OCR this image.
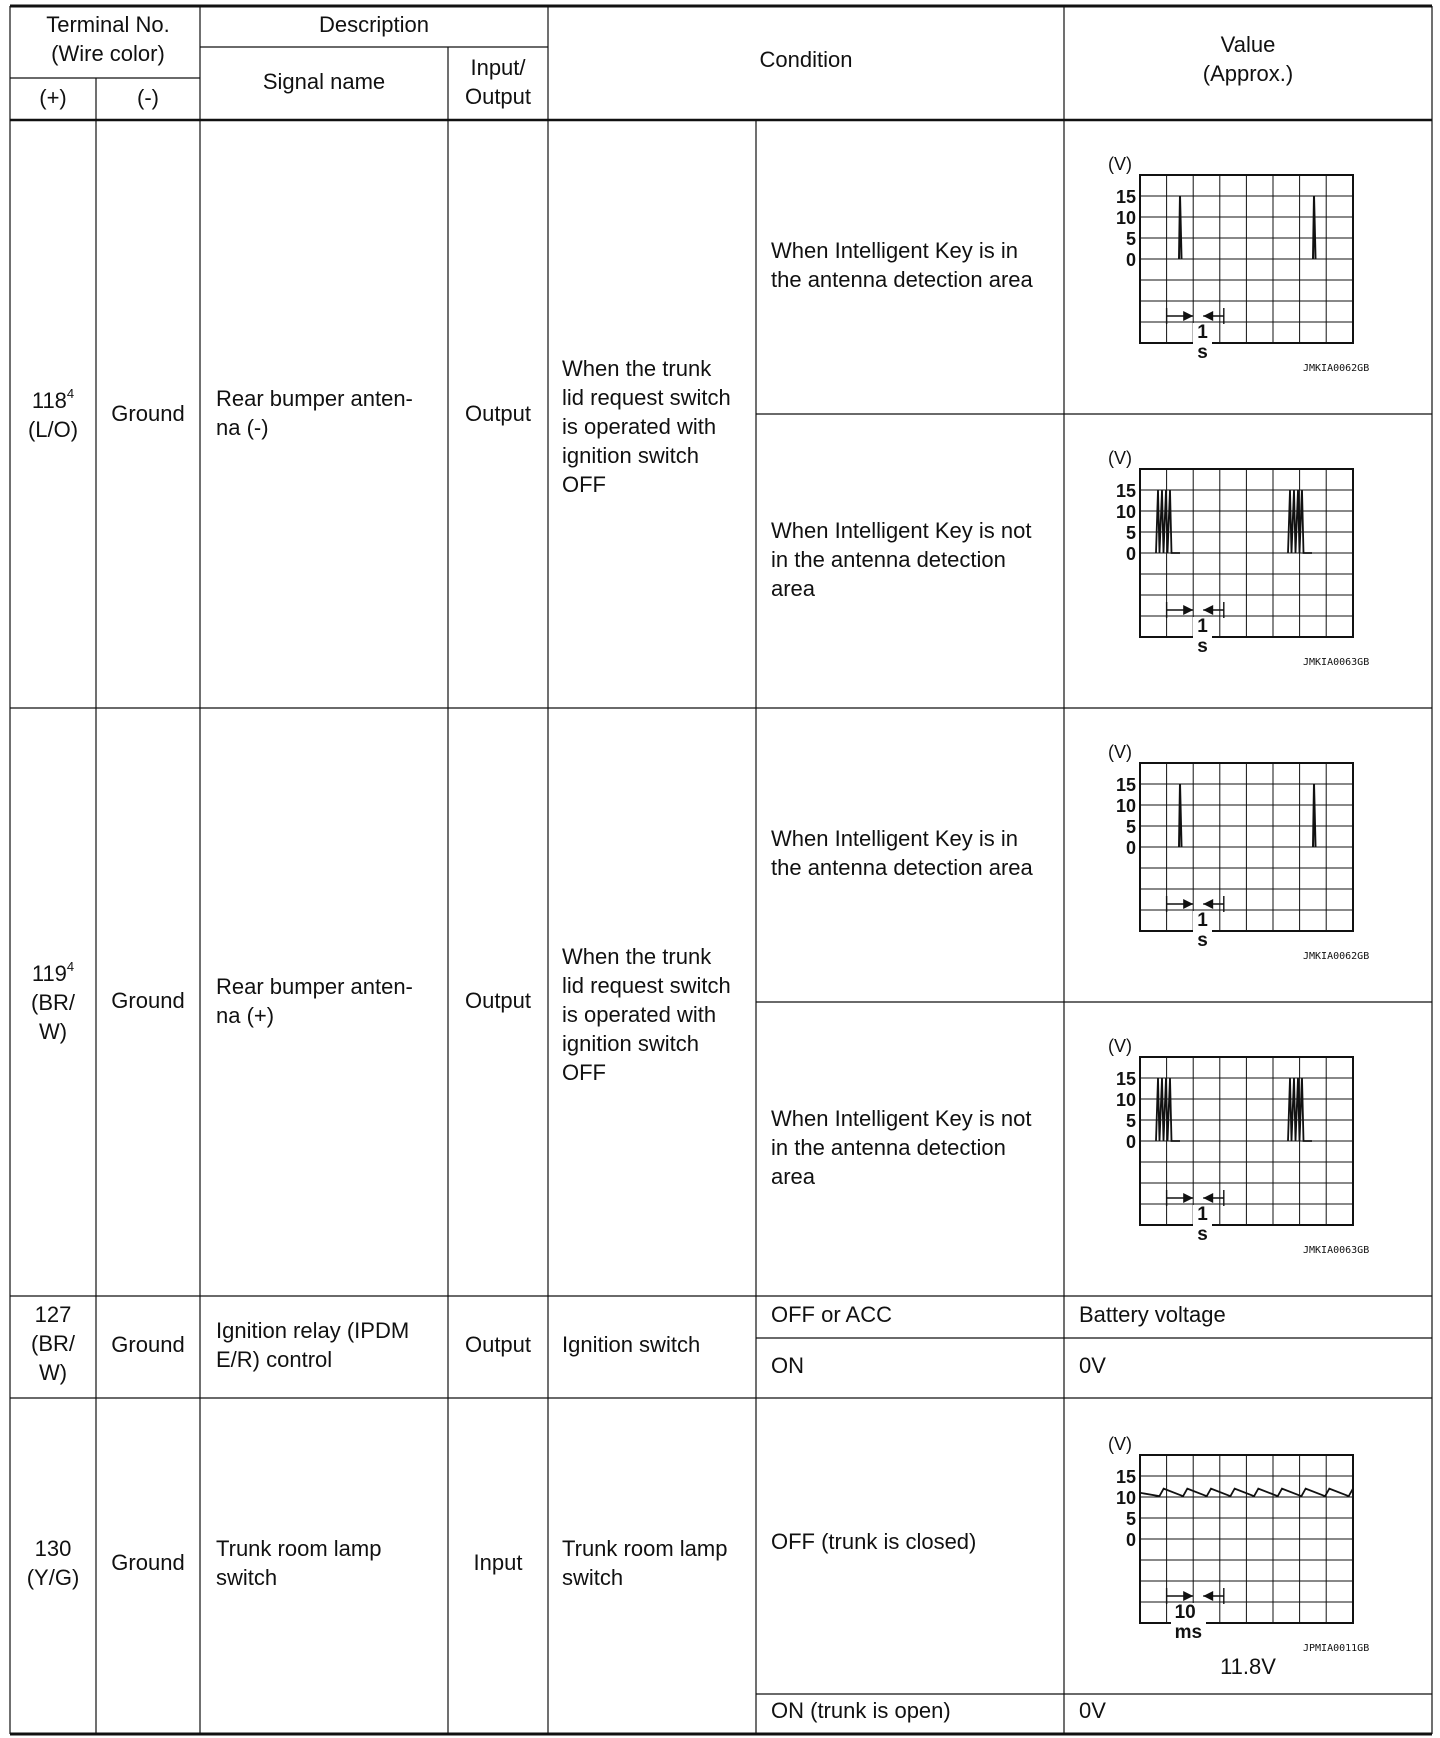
Terminal No.
(Wire color)
(+)	(-)
Description
Signal name
Input/
Output
Condition
Value
(Approx.)
$118^4$
(L/O)
Ground
Rear bumper anten-
na (-)
Output
When the trunk
lid request switch
is operated with
ignition switch
OFF
When Intelligent Key is in
the antenna detection area
When Intelligent Key is not
in the antenna detection
area
(V)
15
10
5
0
1 s
JMKIA0062GB
(V)
15
10
5
0
1 s
JMKIA0063GB
$119^4$
(BR/
W)
Ground
Rear bumper anten-
na (+)
Output
When the trunk
lid request switch
is operated with
ignition switch
OFF
When Intelligent Key is in
the antenna detection area
When Intelligent Key is not
in the antenna detection
area
(V)
15
10
5
0
1 s
JMKIA0062GB
(V)
15
10
5
0
1 s
JMKIA0063GB
127
(BR/
W)
Ground
Ignition relay (IPDM
E/R) control
Output	Ignition switch
OFF or ACC
ON
Battery voltage
0V
130
(Y/G)
Ground
Trunk room lamp
switch
Input
Trunk room lamp
switch
OFF (trunk is closed)
ON (trunk is open)
(V)
15
10
5
0
10 ms
JPMIA0011GB
11.8V
0V
